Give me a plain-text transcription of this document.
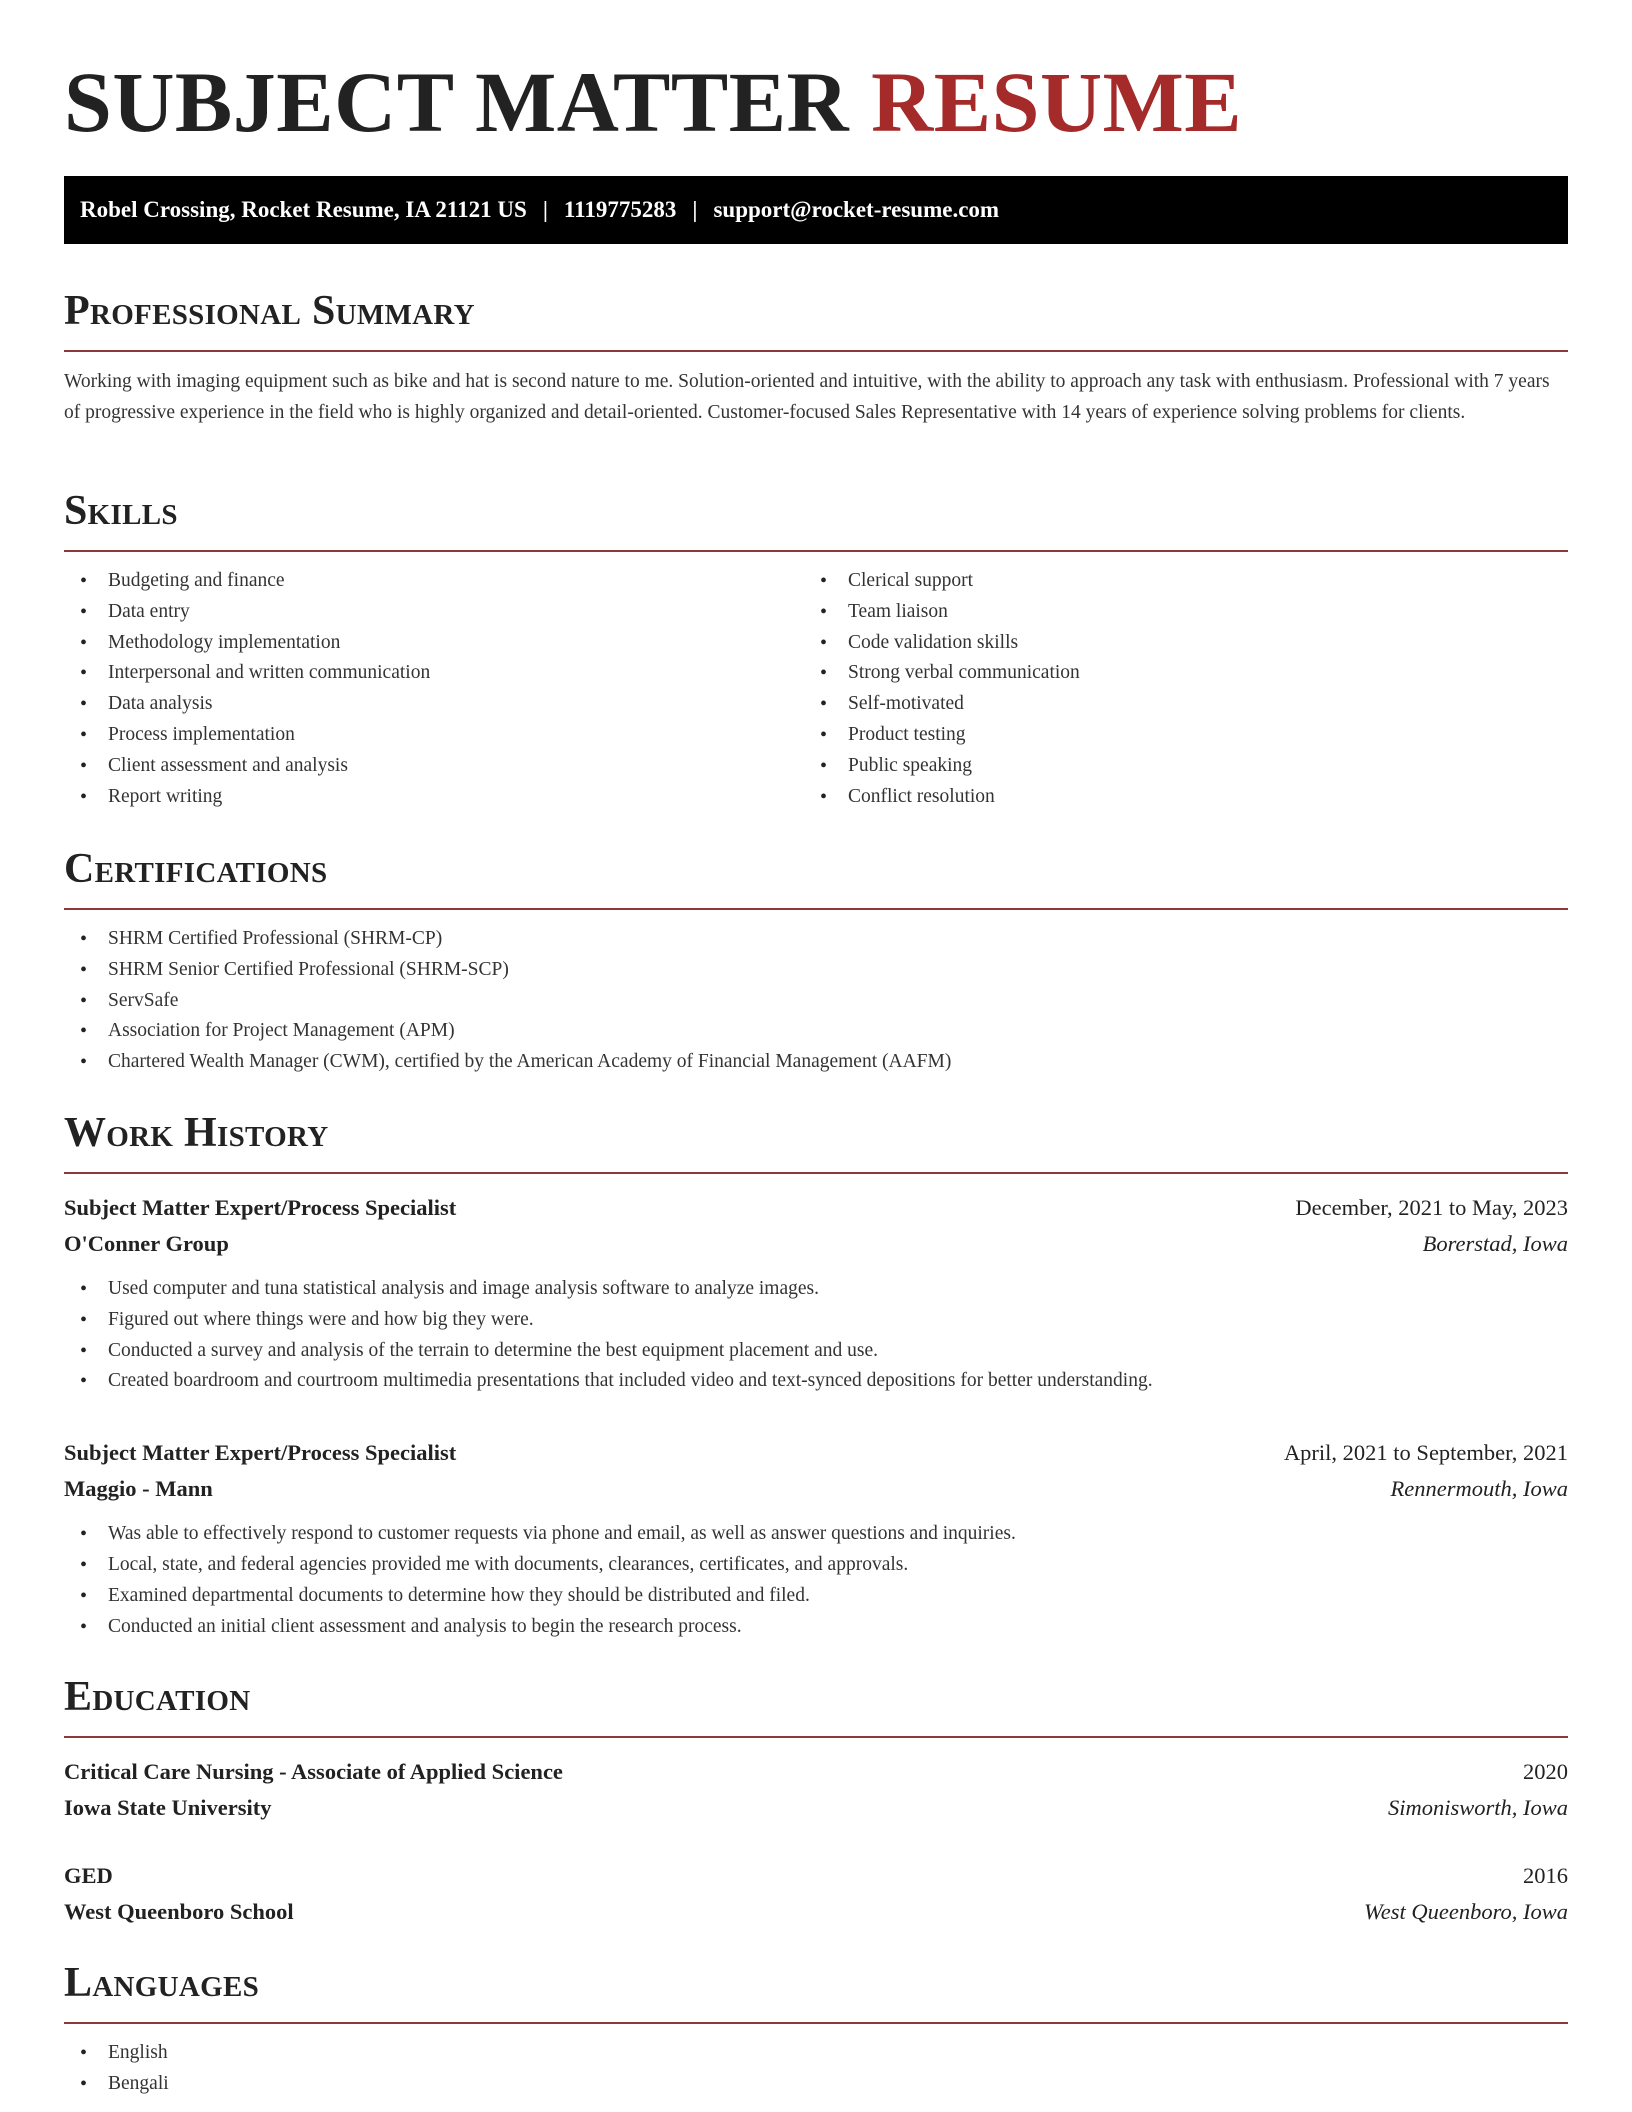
SUBJECT MATTER RESUME
Robel Crossing, Rocket Resume, IA 21121 US | 1119775283 | support@rocket-resume.com
Professional Summary
Working with imaging equipment such as bike and hat is second nature to me. Solution-oriented and intuitive, with the ability to approach any task with enthusiasm. Professional with 7 years of progressive experience in the field who is highly organized and detail-oriented. Customer-focused Sales Representative with 14 years of experience solving problems for clients.
Skills
• Budgeting and finance
• Data entry
• Methodology implementation
• Interpersonal and written communication
• Data analysis
• Process implementation
• Client assessment and analysis
• Report writing
• Clerical support
• Team liaison
• Code validation skills
• Strong verbal communication
• Self-motivated
• Product testing
• Public speaking
• Conflict resolution
Certifications
• SHRM Certified Professional (SHRM-CP)
• SHRM Senior Certified Professional (SHRM-SCP)
• ServSafe
• Association for Project Management (APM)
• Chartered Wealth Manager (CWM), certified by the American Academy of Financial Management (AAFM)
Work History
Subject Matter Expert/Process Specialist	December, 2021 to May, 2023
O'Conner Group	Borerstad, Iowa
• Used computer and tuna statistical analysis and image analysis software to analyze images.
• Figured out where things were and how big they were.
• Conducted a survey and analysis of the terrain to determine the best equipment placement and use.
• Created boardroom and courtroom multimedia presentations that included video and text-synced depositions for better understanding.
Subject Matter Expert/Process Specialist	April, 2021 to September, 2021
Maggio - Mann	Rennermouth, Iowa
• Was able to effectively respond to customer requests via phone and email, as well as answer questions and inquiries.
• Local, state, and federal agencies provided me with documents, clearances, certificates, and approvals.
• Examined departmental documents to determine how they should be distributed and filed.
• Conducted an initial client assessment and analysis to begin the research process.
Education
Critical Care Nursing - Associate of Applied Science	2020
Iowa State University	Simonisworth, Iowa
GED	2016
West Queenboro School	West Queenboro, Iowa
Languages
• English
• Bengali
